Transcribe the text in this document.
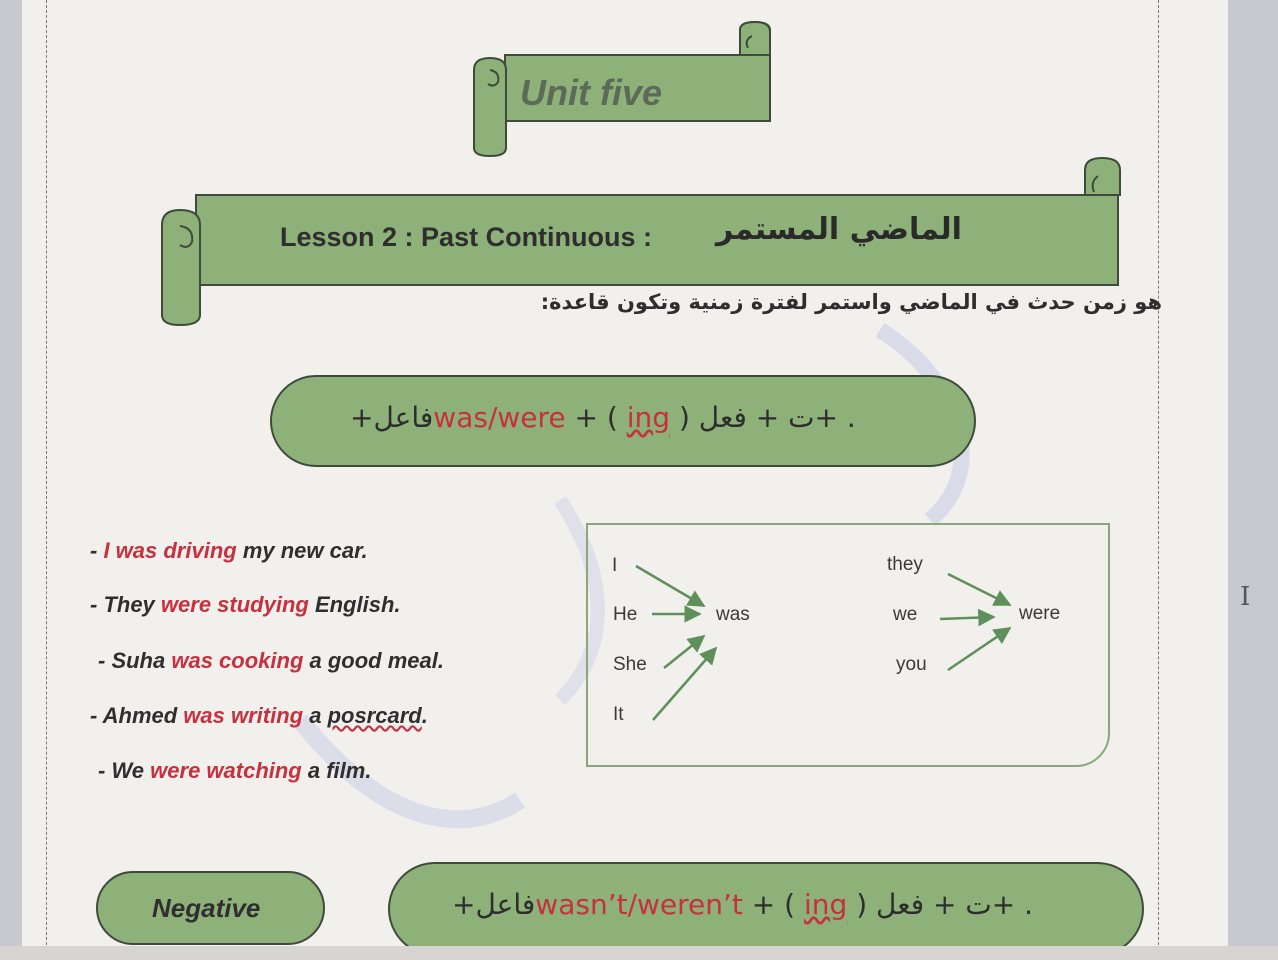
Unit five
Lesson 2 : Past Continuous : الماضي المستمر
هو زمن حدث في الماضي واستمر لفترة زمنية وتكون قاعدة:
. +ت + فعل ( ing ) + was/wereفاعل+
- I was driving my new car.
- They were studying English.
- Suha was cooking a good meal.
- Ahmed was writing a posrcard.
- We were watching a film.
I
He
She
It
was
they
we
you
were
Negative	. +ت + فعل ( ing ) + wasn’t/weren’tفاعل+
I
